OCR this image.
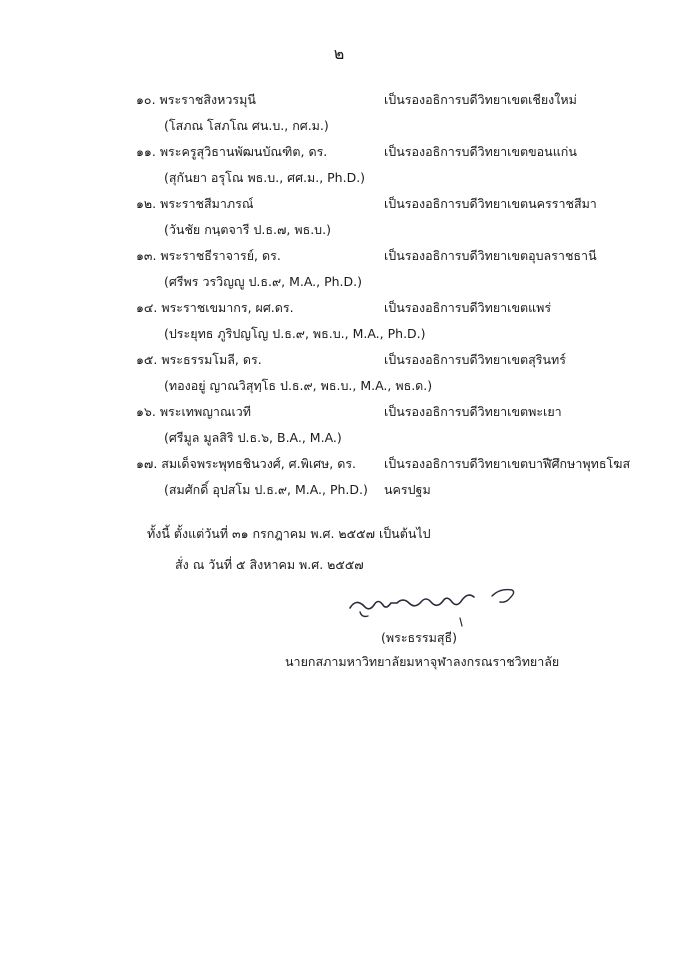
๒
๑๐. พระราชสิงหวรมุนี	เป็นรองอธิการบดีวิทยาเขตเชียงใหม่
(โสภณ โสภโณ ศน.บ., กศ.ม.)
๑๑. พระครูสุวิธานพัฒนบัณฑิต, ดร.	เป็นรองอธิการบดีวิทยาเขตขอนแก่น
(สุกันยา อรุโณ พธ.บ., ศศ.ม., Ph.D.)
๑๒. พระราชสีมาภรณ์	เป็นรองอธิการบดีวิทยาเขตนครราชสีมา
(วันชัย กนฺตจารี ป.ธ.๗, พธ.บ.)
๑๓. พระราชธีราจารย์, ดร.	เป็นรองอธิการบดีวิทยาเขตอุบลราชธานี
(ศรีพร วรวิญญู ป.ธ.๙, M.A., Ph.D.)
๑๔. พระราชเขมากร, ผศ.ดร.	เป็นรองอธิการบดีวิทยาเขตแพร่
(ประยุทธ ภูริปญโญ ป.ธ.๙, พธ.บ., M.A., Ph.D.)
๑๕. พระธรรมโมลี, ดร.	เป็นรองอธิการบดีวิทยาเขตสุรินทร์
(ทองอยู่ ญาณวิสุทฺโธ ป.ธ.๙, พธ.บ., M.A., พธ.ด.)
๑๖. พระเทพญาณเวที	เป็นรองอธิการบดีวิทยาเขตพะเยา
(ศรีมูล มูลสิริ ป.ธ.๖, B.A., M.A.)
๑๗. สมเด็จพระพุทธชินวงศ์, ศ.พิเศษ, ดร. เป็นรองอธิการบดีวิทยาเขตบาฬีศึกษาพุทธโฆส
(สมศักดิ์ อุปสโม ป.ธ.๙, M.A., Ph.D.) นครปฐม
ทั้งนี้ ตั้งแต่วันที่ ๓๑ กรกฎาคม พ.ศ. ๒๕๕๗ เป็นต้นไป
สั่ง ณ วันที่ ๕ สิงหาคม พ.ศ. ๒๕๕๗
(พระธรรมสุธี)
นายกสภามหาวิทยาลัยมหาจุฬาลงกรณราชวิทยาลัย
